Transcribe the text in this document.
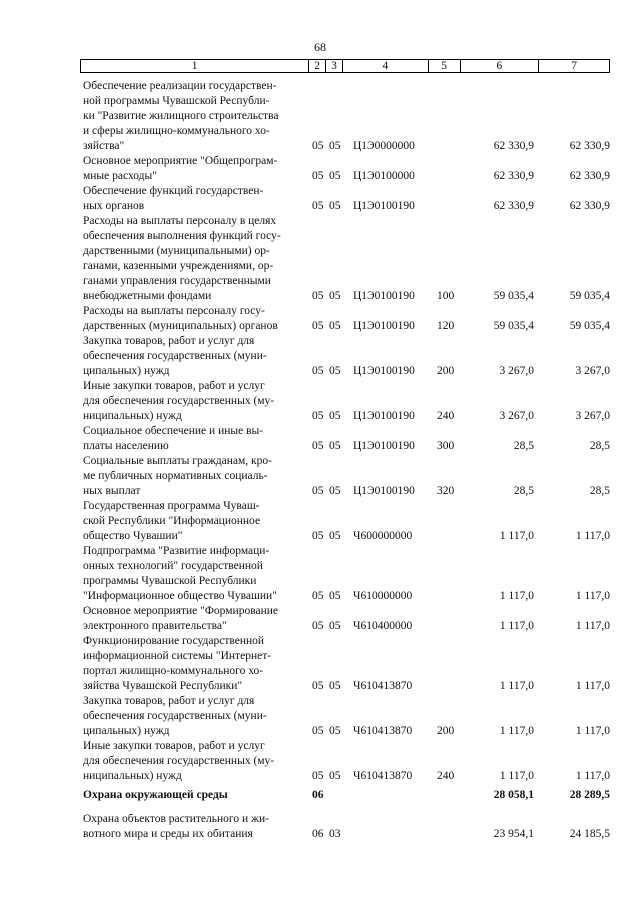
68
1	2 3	4	5	6	7
Обеспечение реализации государствен-
ной программы Чувашской Республи-
ки "Развитие жилищного строительства
и сферы жилищно-коммунального хо-
зяйства"	05 05 Ц1Э0000000	62 330,9	62 330,9
Основное мероприятие "Общепрограм-
мные расходы"	05 05 Ц1Э0100000	62 330,9	62 330,9
Обеспечение функций государствен-
ных органов	05 05 Ц1Э0100190	62 330,9	62 330,9
Расходы на выплаты персоналу в целях
обеспечения выполнения функций госу-
дарственными (муниципальными) ор-
ганами, казенными учреждениями, ор-
ганами управления государственными
внебюджетными фондами	05 05 Ц1Э0100190 100	59 035,4	59 035,4
Расходы на выплаты персоналу госу-
дарственных (муниципальных) органов	05 05 Ц1Э0100190 120	59 035,4	59 035,4
Закупка товаров, работ и услуг для
обеспечения государственных (муни-
ципальных) нужд	05 05 Ц1Э0100190 200	3 267,0	3 267,0
Иные закупки товаров, работ и услуг
для обеспечения государственных (му-
ниципальных) нужд	05 05 Ц1Э0100190 240	3 267,0	3 267,0
Социальное обеспечение и иные вы-
платы населению	05 05 Ц1Э0100190 300	28,5	28,5
Социальные выплаты гражданам, кро-
ме публичных нормативных социаль-
ных выплат	05 05 Ц1Э0100190 320	28,5	28,5
Государственная программа Чуваш-
ской Республики "Информационное
общество Чувашии"	05 05 Ч600000000	1 117,0	1 117,0
Подпрограмма "Развитие информаци-
онных технологий" государственной
программы Чувашской Республики
"Информационное общество Чувашии"	05 05 Ч610000000	1 117,0	1 117,0
Основное мероприятие "Формирование
электронного правительства"	05 05 Ч610400000	1 117,0	1 117,0
Функционирование государственной
информационной системы "Интернет-
портал жилищно-коммунального хо-
зяйства Чувашской Республики"	05 05 Ч610413870	1 117,0	1 117,0
Закупка товаров, работ и услуг для
обеспечения государственных (муни-
ципальных) нужд	05 05 Ч610413870 200	1 117,0	1 117,0
Иные закупки товаров, работ и услуг
для обеспечения государственных (му-
ниципальных) нужд	05 05 Ч610413870 240	1 117,0	1 117,0
Охрана окружающей среды	06	28 058,1	28 289,5
Охрана объектов растительного и жи-
вотного мира и среды их обитания	06 03	23 954,1	24 185,5
